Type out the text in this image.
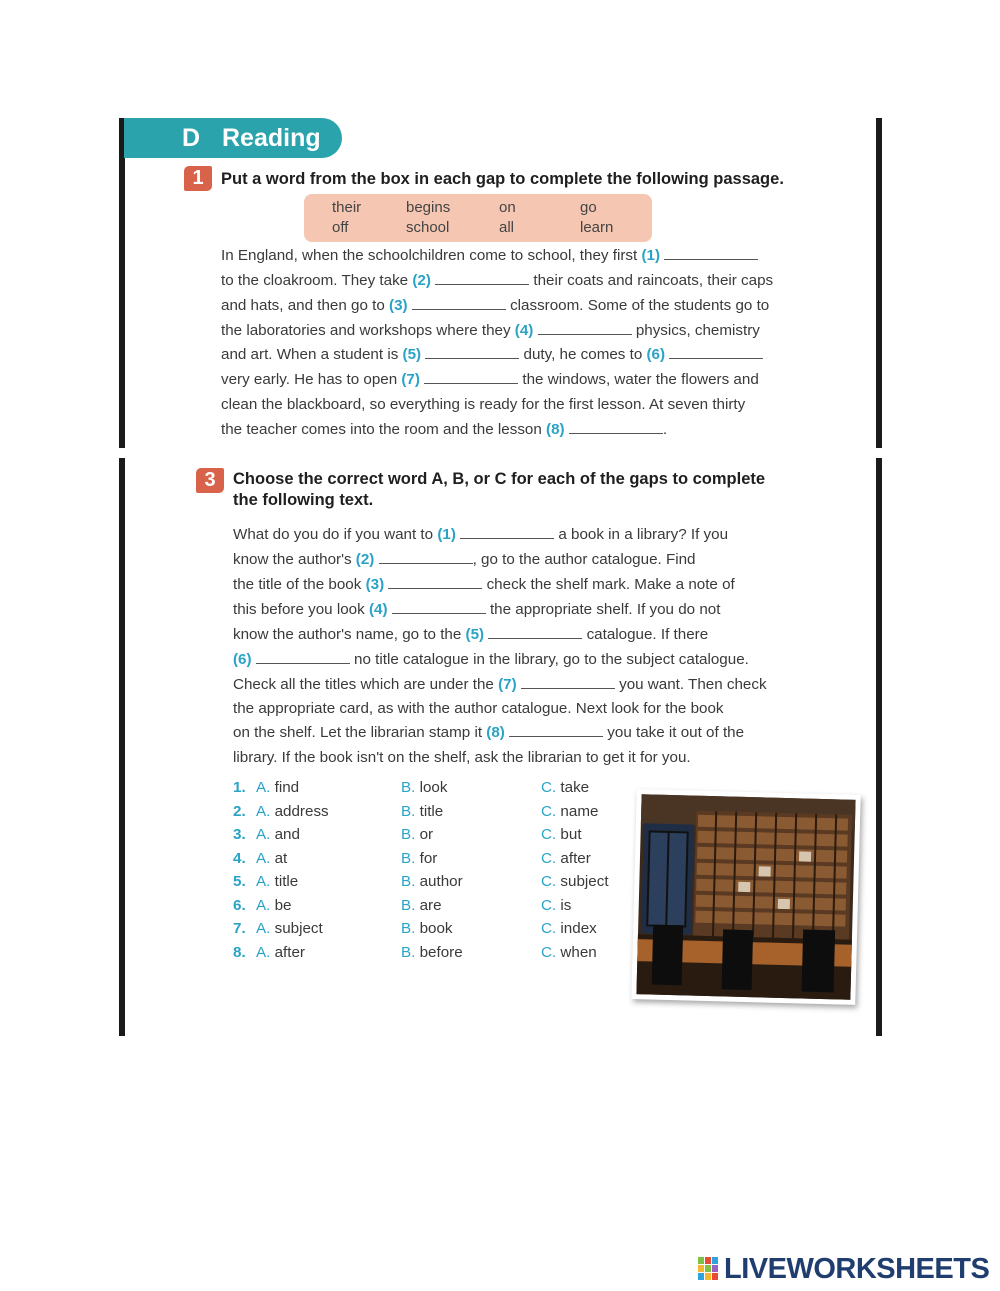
D Reading
1	Put a word from the box in each gap to complete the following passage.
their	begins	on	go
off	school	all	learn
In England, when the schoolchildren come to school, they first (1)
to the cloakroom. They take (2)	their coats and raincoats, their caps
and hats, and then go to (3)	classroom. Some of the students go to
the laboratories and workshops where they (4)	physics, chemistry
and art. When a student is (5)	duty, he comes to (6)
very early. He has to open (7)	the windows, water the flowers and
clean the blackboard, so everything is ready for the first lesson. At seven thirty
the teacher comes into the room and the lesson (8)	.
3	Choose the correct word A, B, or C for each of the gaps to complete
the following text.
What do you do if you want to (1)	a book in a library? If you
know the author's (2)	, go to the author catalogue. Find
the title of the book (3)	check the shelf mark. Make a note of
this before you look (4)	the appropriate shelf. If you do not
know the author's name, go to the (5)	catalogue. If there
(6)	no title catalogue in the library, go to the subject catalogue.
Check all the titles which are under the (7)	you want. Then check
the appropriate card, as with the author catalogue. Next look for the book
on the shelf. Let the librarian stamp it (8)	you take it out of the
library. If the book isn't on the shelf, ask the librarian to get it for you.
1. A. find	B. look	C. take
2. A. address	B. title	C. name
3. A. and	B. or	C. but
4. A. at	B. for	C. after
5. A. title	B. author	C. subject
6. A. be	B. are	C. is
7. A. subject	B. book	C. index
8. A. after	B. before	C. when
LIVEWORKSHEETS
